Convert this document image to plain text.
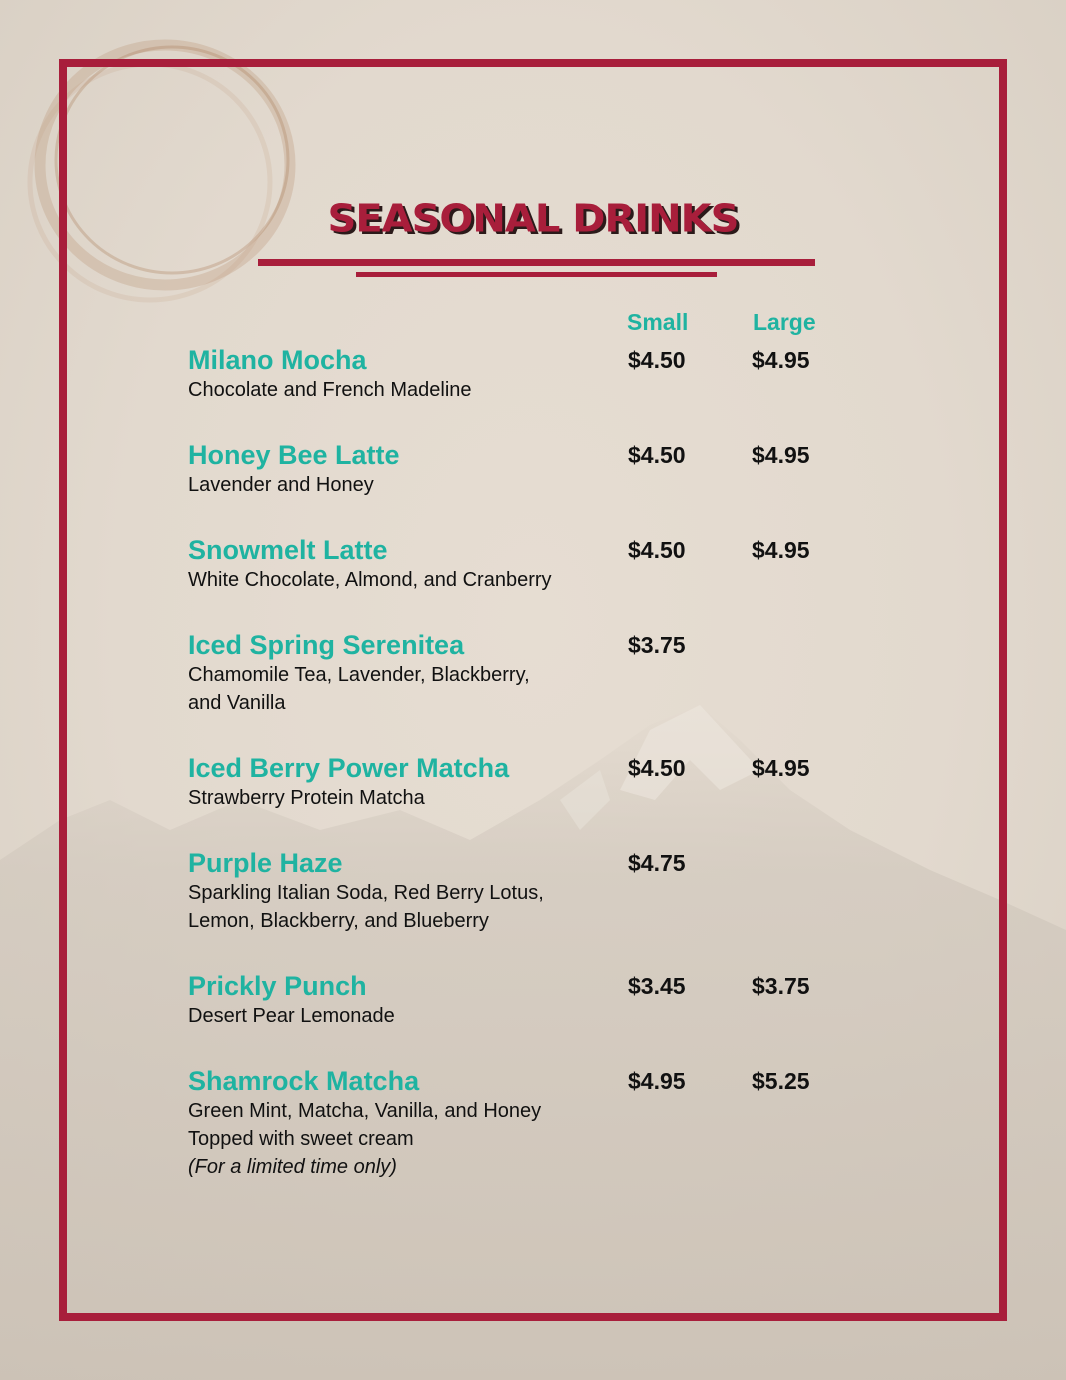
SEASONAL DRINKS
Small	Large
Milano Mocha
Chocolate and French Madeline
$4.50	$4.95
Honey Bee Latte
Lavender and Honey
$4.50	$4.95
Snowmelt Latte
White Chocolate, Almond, and Cranberry
$4.50	$4.95
Iced Spring Serenitea
Chamomile Tea, Lavender, Blackberry,
and Vanilla
$3.75
Iced Berry Power Matcha
Strawberry Protein Matcha
$4.50	$4.95
Purple Haze
Sparkling Italian Soda, Red Berry Lotus,
Lemon, Blackberry, and Blueberry
$4.75
Prickly Punch
Desert Pear Lemonade
$3.45	$3.75
Shamrock Matcha
Green Mint, Matcha, Vanilla, and Honey
Topped with sweet cream
(For a limited time only)
$4.95	$5.25
